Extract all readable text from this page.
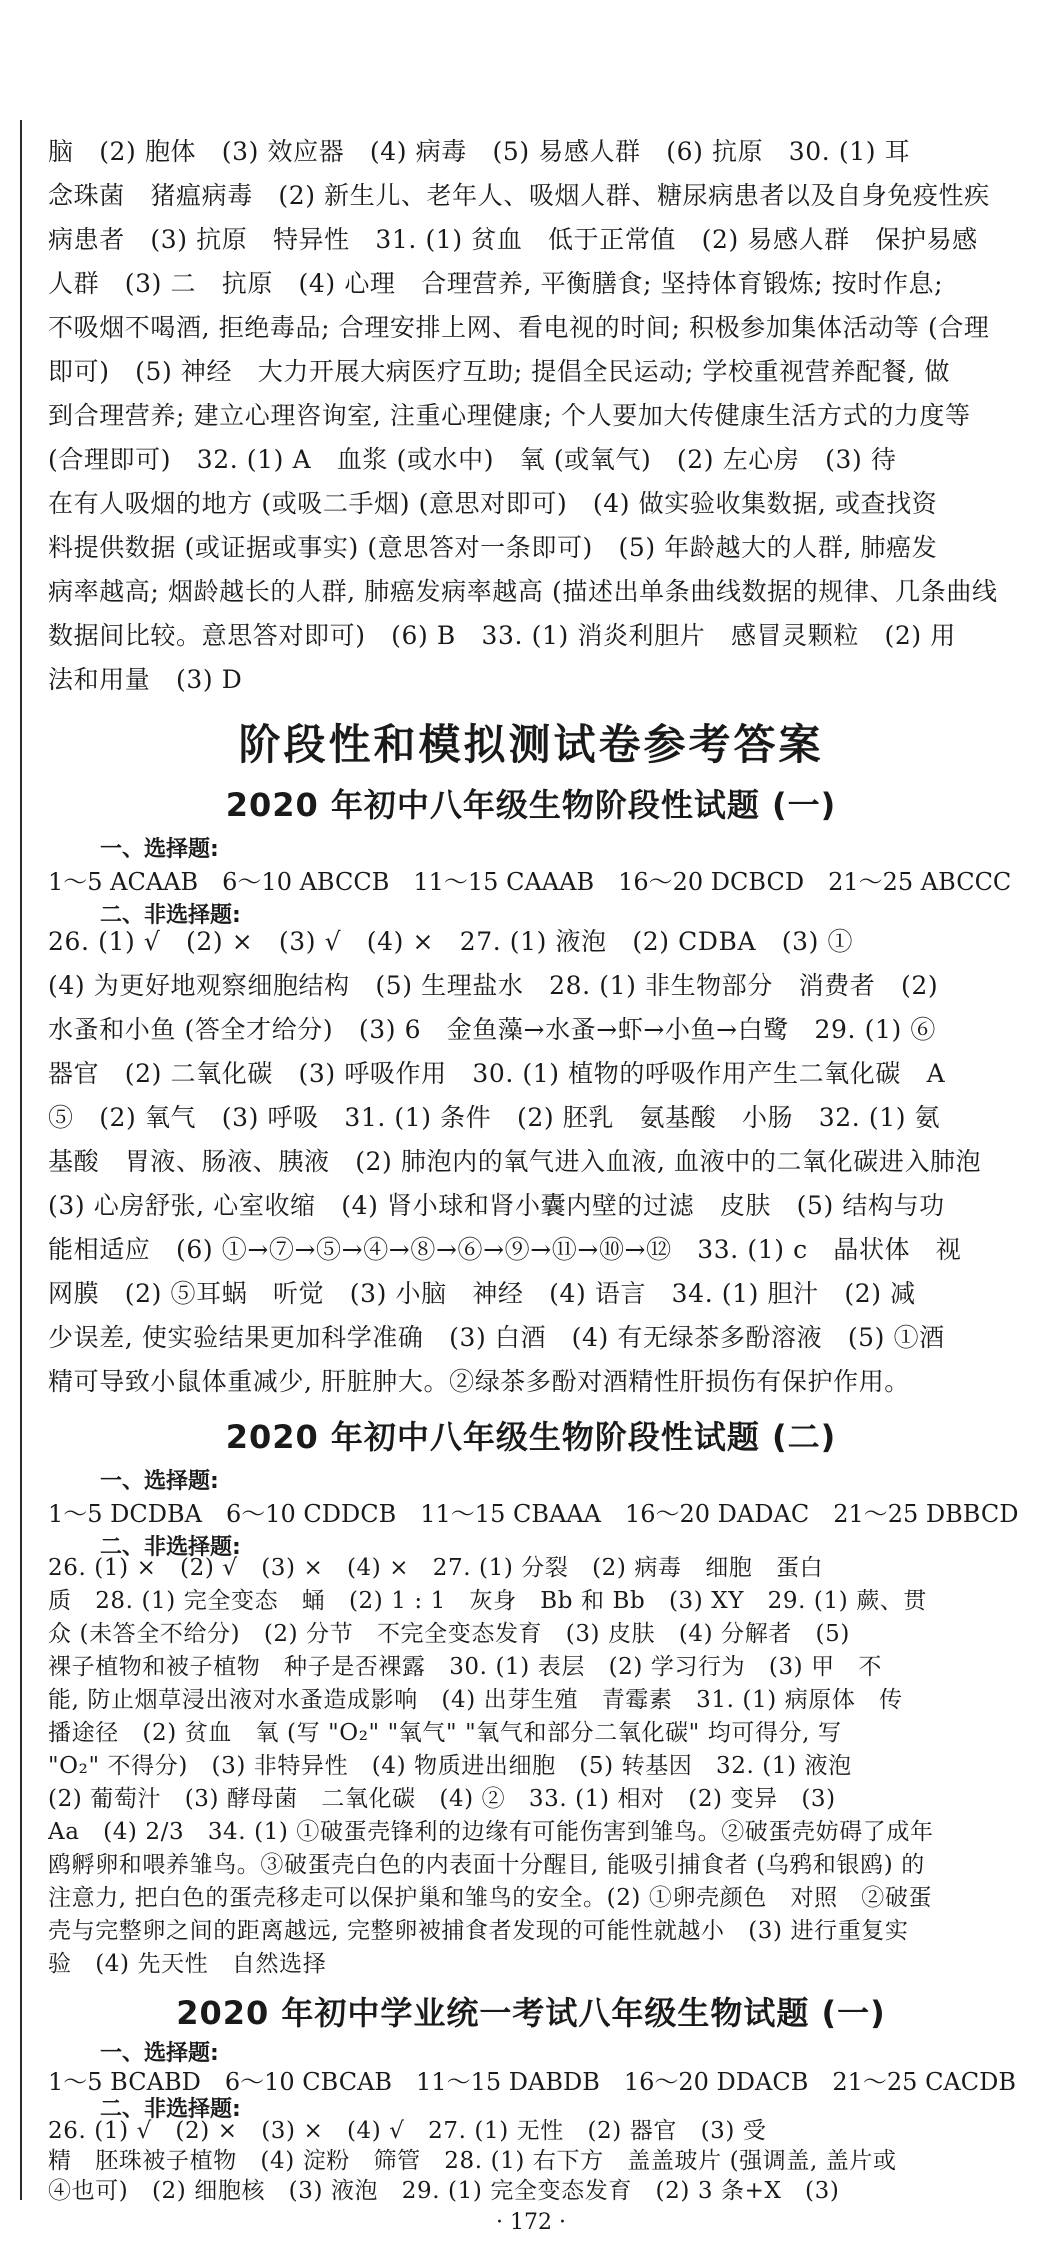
脑　(2) 胞体　(3) 效应器　(4) 病毒　(5) 易感人群　(6) 抗原　30. (1) 耳
念珠菌　猪瘟病毒　(2) 新生儿、老年人、吸烟人群、糖尿病患者以及自身免疫性疾
病患者　(3) 抗原　特异性　31. (1) 贫血　低于正常值　(2) 易感人群　保护易感
人群　(3) 二　抗原　(4) 心理　合理营养, 平衡膳食; 坚持体育锻炼; 按时作息;
不吸烟不喝酒, 拒绝毒品; 合理安排上网、看电视的时间; 积极参加集体活动等 (合理
即可)　(5) 神经　大力开展大病医疗互助; 提倡全民运动; 学校重视营养配餐, 做
到合理营养; 建立心理咨询室, 注重心理健康; 个人要加大传健康生活方式的力度等
(合理即可)　32. (1) A　血浆 (或水中)　氧 (或氧气)　(2) 左心房　(3) 待
在有人吸烟的地方 (或吸二手烟) (意思对即可)　(4) 做实验收集数据, 或查找资
料提供数据 (或证据或事实) (意思答对一条即可)　(5) 年龄越大的人群, 肺癌发
病率越高; 烟龄越长的人群, 肺癌发病率越高 (描述出单条曲线数据的规律、几条曲线
数据间比较。意思答对即可)　(6) B　33. (1) 消炎利胆片　感冒灵颗粒　(2) 用
法和用量　(3) D
阶段性和模拟测试卷参考答案
2020 年初中八年级生物阶段性试题 (一)
一、选择题:
1～5 ACAAB　6～10 ABCCB　11～15 CAAAB　16～20 DCBCD　21～25 ABCCC
二、非选择题:
26. (1) √　(2) ×　(3) √　(4) ×　27. (1) 液泡　(2) CDBA　(3) ①
(4) 为更好地观察细胞结构　(5) 生理盐水　28. (1) 非生物部分　消费者　(2)
水蚤和小鱼 (答全才给分)　(3) 6　金鱼藻→水蚤→虾→小鱼→白鹭　29. (1) ⑥
器官　(2) 二氧化碳　(3) 呼吸作用　30. (1) 植物的呼吸作用产生二氧化碳　A
⑤　(2) 氧气　(3) 呼吸　31. (1) 条件　(2) 胚乳　氨基酸　小肠　32. (1) 氨
基酸　胃液、肠液、胰液　(2) 肺泡内的氧气进入血液, 血液中的二氧化碳进入肺泡
(3) 心房舒张, 心室收缩　(4) 肾小球和肾小囊内壁的过滤　皮肤　(5) 结构与功
能相适应　(6) ①→⑦→⑤→④→⑧→⑥→⑨→⑪→⑩→⑫　33. (1) c　晶状体　视
网膜　(2) ⑤耳蜗　听觉　(3) 小脑　神经　(4) 语言　34. (1) 胆汁　(2) 减
少误差, 使实验结果更加科学准确　(3) 白酒　(4) 有无绿茶多酚溶液　(5) ①酒
精可导致小鼠体重减少, 肝脏肿大。②绿茶多酚对酒精性肝损伤有保护作用。
· 172 ·
2020 年初中八年级生物阶段性试题 (二)
一、选择题:
1～5 DCDBA　6～10 CDDCB　11～15 CBAAA　16～20 DADAC　21～25 DBBCD
二、非选择题:
26. (1) ×　(2) √　(3) ×　(4) ×　27. (1) 分裂　(2) 病毒　细胞　蛋白
质　28. (1) 完全变态　蛹　(2) 1 : 1　灰身　Bb 和 Bb　(3) XY　29. (1) 蕨、贯
众 (未答全不给分)　(2) 分节　不完全变态发育　(3) 皮肤　(4) 分解者　(5)
裸子植物和被子植物　种子是否裸露　30. (1) 表层　(2) 学习行为　(3) 甲　不
能, 防止烟草浸出液对水蚤造成影响　(4) 出芽生殖　青霉素　31. (1) 病原体　传
播途径　(2) 贫血　氧 (写 "O₂" "氧气" "氧气和部分二氧化碳" 均可得分, 写
"O₂" 不得分)　(3) 非特异性　(4) 物质进出细胞　(5) 转基因　32. (1) 液泡
(2) 葡萄汁　(3) 酵母菌　二氧化碳　(4) ②　33. (1) 相对　(2) 变异　(3)
Aa　(4) 2/3　34. (1) ①破蛋壳锋利的边缘有可能伤害到雏鸟。②破蛋壳妨碍了成年
鸥孵卵和喂养雏鸟。③破蛋壳白色的内表面十分醒目, 能吸引捕食者 (乌鸦和银鸥) 的
注意力, 把白色的蛋壳移走可以保护巢和雏鸟的安全。(2) ①卵壳颜色　对照　②破蛋
壳与完整卵之间的距离越远, 完整卵被捕食者发现的可能性就越小　(3) 进行重复实
验　(4) 先天性　自然选择
2020 年初中学业统一考试八年级生物试题 (一)
一、选择题:
1～5 BCABD　6～10 CBCAB　11～15 DABDB　16～20 DDACB　21～25 CACDB
二、非选择题:
26. (1) √　(2) ×　(3) ×　(4) √　27. (1) 无性　(2) 器官　(3) 受
精　胚珠被子植物　(4) 淀粉　筛管　28. (1) 右下方　盖盖玻片 (强调盖, 盖片或
④也可)　(2) 细胞核　(3) 液泡　29. (1) 完全变态发育　(2) 3 条+X　(3)
